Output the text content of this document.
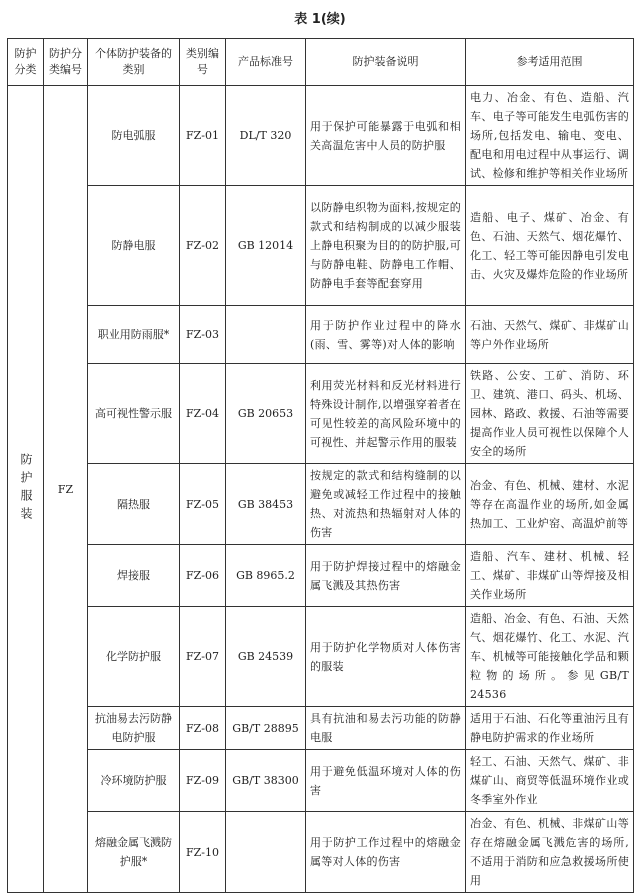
表 1(续)
防护分类	防护分类编号	个体防护装备的类别	类别编号	产品标准号	防护装备说明	参考适用范围
防护服装	FZ	防电弧服	FZ-01	DL/T 320	用于保护可能暴露于电弧和相关高温危害中人员的防护服	电力、冶金、有色、造船、汽车、电子等可能发生电弧伤害的场所,包括发电、输电、变电、配电和用电过程中从事运行、调试、检修和维护等相关作业场所
		防静电服	FZ-02	GB 12014	以防静电织物为面料,按规定的款式和结构制成的以减少服装上静电积聚为目的的防护服,可与防静电鞋、防静电工作帽、防静电手套等配套穿用	造船、电子、煤矿、冶金、有色、石油、天然气、烟花爆竹、化工、轻工等可能因静电引发电击、火灾及爆炸危险的作业场所
		职业用防雨服*	FZ-03		用于防护作业过程中的降水(雨、雪、雾等)对人体的影响	石油、天然气、煤矿、非煤矿山等户外作业场所
		高可视性警示服	FZ-04	GB 20653	利用荧光材料和反光材料进行特殊设计制作,以增强穿着者在可见性较差的高风险环境中的可视性、并起警示作用的服装	铁路、公安、工矿、消防、环卫、建筑、港口、码头、机场、园林、路政、救援、石油等需要提高作业人员可视性以保障个人安全的场所
		隔热服	FZ-05	GB 38453	按规定的款式和结构缝制的以避免或减轻工作过程中的接触热、对流热和热辐射对人体的伤害	冶金、有色、机械、建材、水泥等存在高温作业的场所,如金属热加工、工业炉窑、高温炉前等
		焊接服	FZ-06	GB 8965.2	用于防护焊接过程中的熔融金属飞溅及其热伤害	造船、汽车、建材、机械、轻工、煤矿、非煤矿山等焊接及相关作业场所
		化学防护服	FZ-07	GB 24539	用于防护化学物质对人体伤害的服装	造船、冶金、有色、石油、天然气、烟花爆竹、化工、水泥、汽车、机械等可能接触化学品和颗粒物的场所。参见GB/T 24536
		抗油易去污防静电防护服	FZ-08	GB/T 28895	具有抗油和易去污功能的防静电服	适用于石油、石化等重油污且有静电防护需求的作业场所
		冷环境防护服	FZ-09	GB/T 38300	用于避免低温环境对人体的伤害	轻工、石油、天然气、煤矿、非煤矿山、商贸等低温环境作业或冬季室外作业
		熔融金属飞溅防护服*	FZ-10		用于防护工作过程中的熔融金属等对人体的伤害	冶金、有色、机械、非煤矿山等存在熔融金属飞溅危害的场所,不适用于消防和应急救援场所使用
